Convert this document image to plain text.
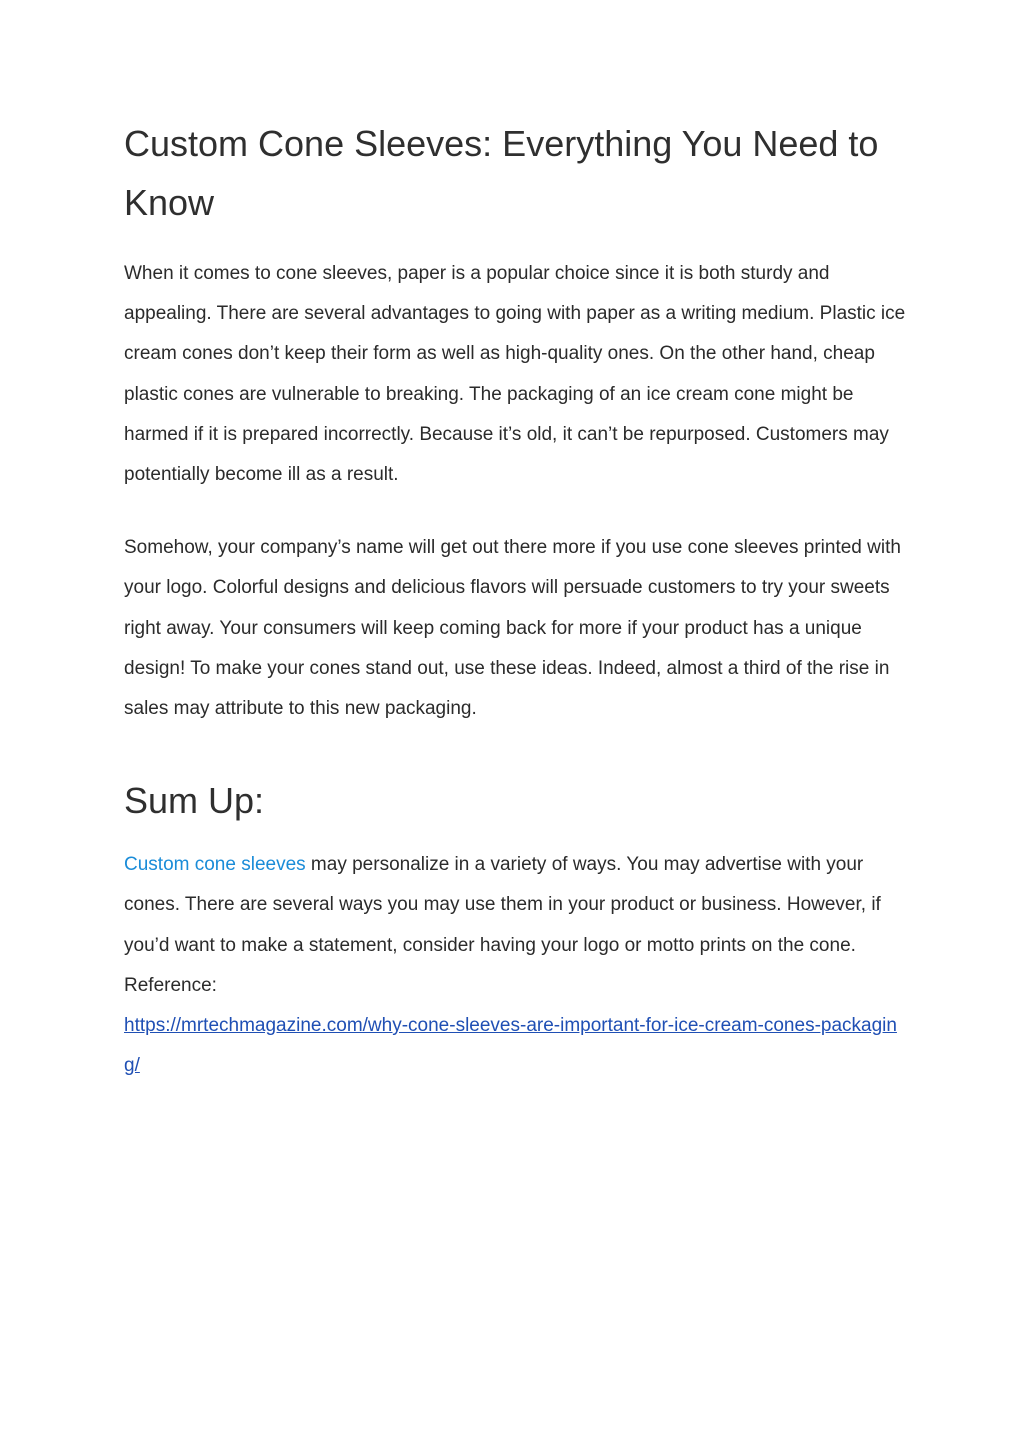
Custom Cone Sleeves: Everything You Need to Know

When it comes to cone sleeves, paper is a popular choice since it is both sturdy and appealing. There are several advantages to going with paper as a writing medium. Plastic ice cream cones don’t keep their form as well as high-quality ones. On the other hand, cheap plastic cones are vulnerable to breaking. The packaging of an ice cream cone might be harmed if it is prepared incorrectly. Because it’s old, it can’t be repurposed. Customers may potentially become ill as a result.

Somehow, your company’s name will get out there more if you use cone sleeves printed with your logo. Colorful designs and delicious flavors will persuade customers to try your sweets right away. Your consumers will keep coming back for more if your product has a unique design! To make your cones stand out, use these ideas. Indeed, almost a third of the rise in sales may attribute to this new packaging.

Sum Up:

Custom cone sleeves may personalize in a variety of ways. You may advertise with your cones. There are several ways you may use them in your product or business. However, if you’d want to make a statement, consider having your logo or motto prints on the cone.

Reference:

https://mrtechmagazine.com/why-cone-sleeves-are-important-for-ice-cream-cones-packaging/
